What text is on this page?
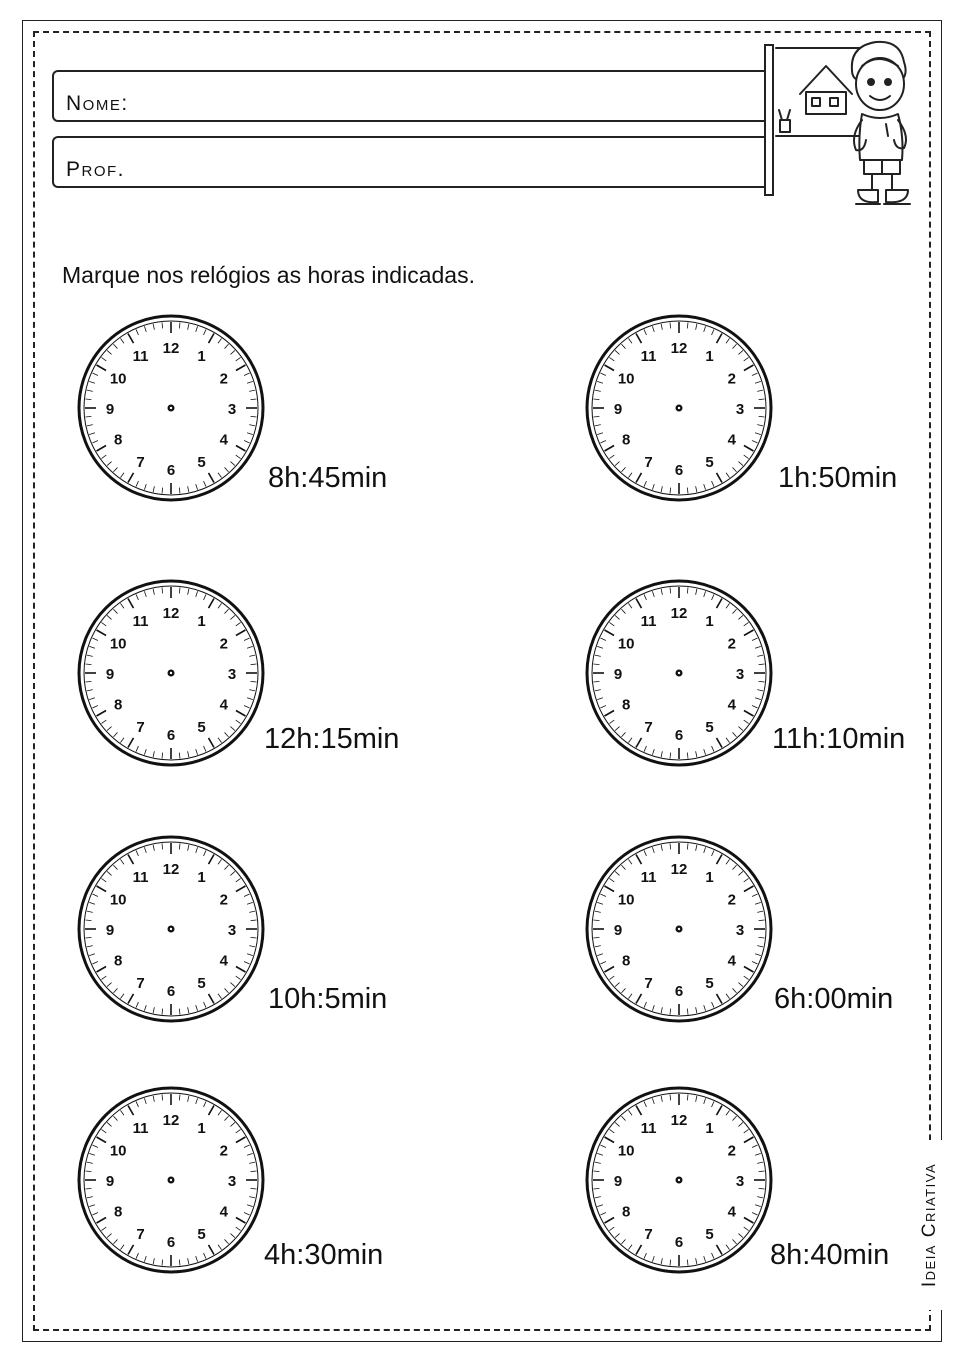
Nome:
Prof.
Marque nos relógios as horas indicadas.
12 1
2
3
4
5
6
7
8
9
10
11
8h:45min
12 1
2
3
4
5
6
7
8
9
10
11
1h:50min
12 1
2
3
4
5
6
7
8
9
10
11
12h:15min
12 1
2
3
4
5
6
7
8
9
10
11
11h:10min
12 1
2
3
4
5
6
7
8
9
10
11
10h:5min
12 1
2
3
4
5
6
7
8
9
10
11
6h:00min
12 1
2
3
4
5
6
7
8
9
10
11
4h:30min
12 1
2
3
4
5
6
7
8
9
10
11
8h:40min Ideia Criativa
